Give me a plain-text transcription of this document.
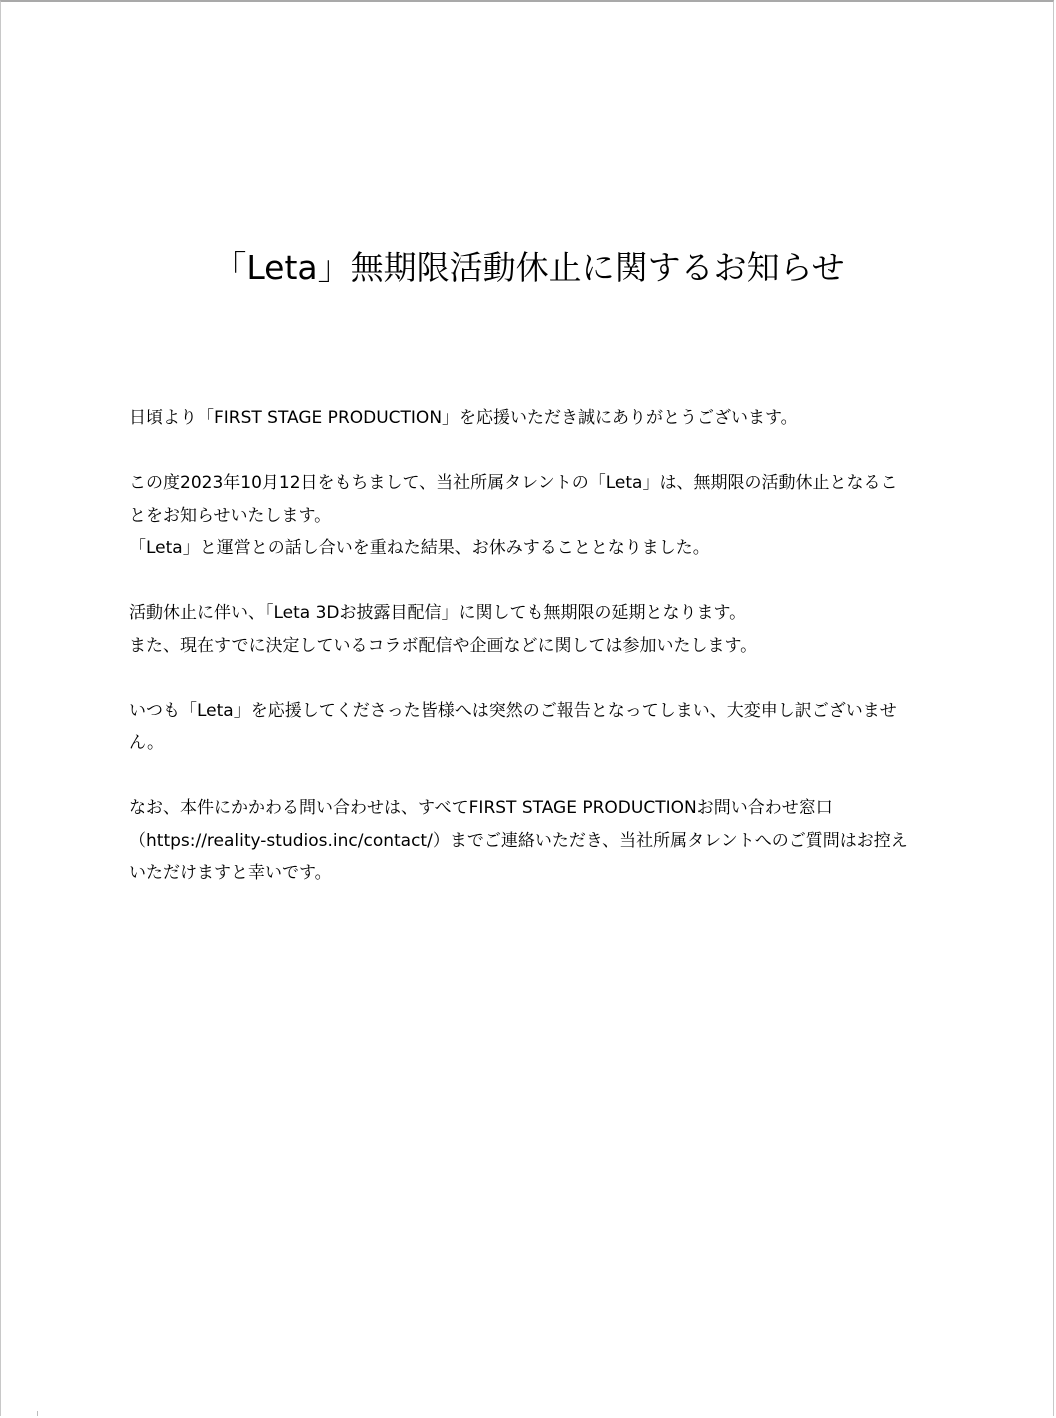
「Leta」無期限活動休止に関するお知らせ

日頃より「FIRST STAGE PRODUCTION」を応援いただき誠にありがとうございます。

この度2023年10月12日をもちまして、当社所属タレントの「Leta」は、無期限の活動休止となるこ
とをお知らせいたします。
「Leta」と運営との話し合いを重ねた結果、お休みすることとなりました。

活動休止に伴い、「Leta 3Dお披露目配信」に関しても無期限の延期となります。
また、現在すでに決定しているコラボ配信や企画などに関しては参加いたします。

いつも「Leta」を応援してくださった皆様へは突然のご報告となってしまい、大変申し訳ございませ
ん。

なお、本件にかかわる問い合わせは、すべてFIRST STAGE PRODUCTIONお問い合わせ窓口
（https://reality-studios.inc/contact/）までご連絡いただき、当社所属タレントへのご質問はお控え
いただけますと幸いです。
